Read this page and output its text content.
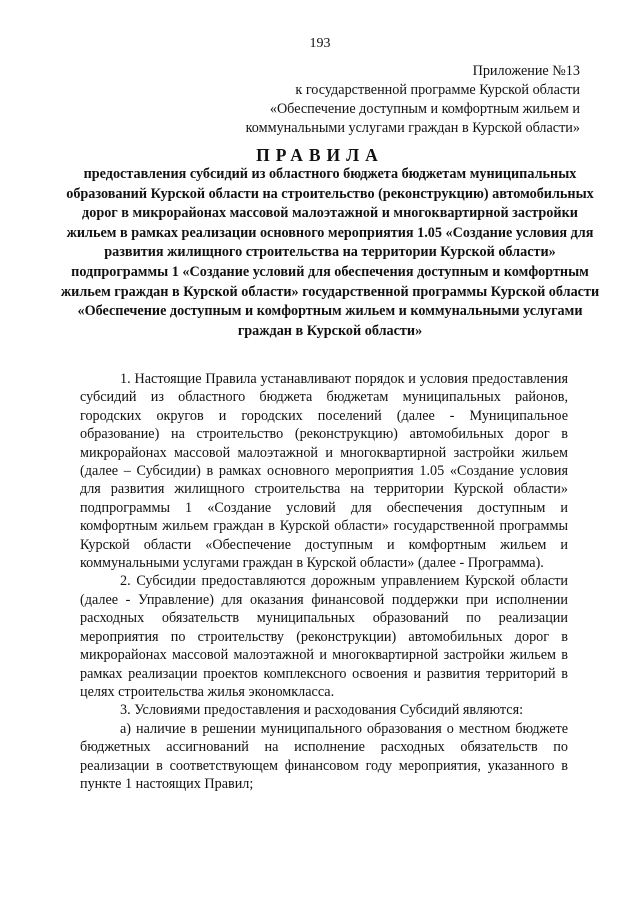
193
Приложение №13
к государственной программе Курской области
«Обеспечение доступным и комфортным жильем и
коммунальными услугами граждан в Курской области»
ПРАВИЛА
предоставления субсидий из областного бюджета бюджетам муниципальных образований Курской области на строительство (реконструкцию) автомобильных дорог в микрорайонах массовой малоэтажной и многоквартирной застройки жильем в рамках реализации основного мероприятия 1.05 «Создание условия для развития жилищного строительства на территории Курской области» подпрограммы 1 «Создание условий для обеспечения доступным и комфортным жильем граждан в Курской области» государственной программы Курской области «Обеспечение доступным и комфортным жильем и коммунальными услугами граждан в Курской области»

1. Настоящие Правила устанавливают порядок и условия предоставления субсидий из областного бюджета бюджетам муниципальных районов, городских округов и городских поселений (далее - Муниципальное образование) на строительство (реконструкцию) автомобильных дорог в микрорайонах массовой малоэтажной и многоквартирной застройки жильем (далее – Субсидии) в рамках основного мероприятия 1.05 «Создание условия для развития жилищного строительства на территории Курской области» подпрограммы 1 «Создание условий для обеспечения доступным и комфортным жильем граждан в Курской области» государственной программы Курской области «Обеспечение доступным и комфортным жильем и коммунальными услугами граждан в Курской области» (далее - Программа).

2. Субсидии предоставляются дорожным управлением Курской области (далее - Управление) для оказания финансовой поддержки при исполнении расходных обязательств муниципальных образований по реализации мероприятия по строительству (реконструкции) автомобильных дорог в микрорайонах массовой малоэтажной и многоквартирной застройки жильем в рамках реализации проектов комплексного освоения и развития территорий в целях строительства жилья экономкласса.

3. Условиями предоставления и расходования Субсидий являются:

а) наличие в решении муниципального образования о местном бюджете бюджетных ассигнований на исполнение расходных обязательств по реализации в соответствующем финансовом году мероприятия, указанного в пункте 1 настоящих Правил;
